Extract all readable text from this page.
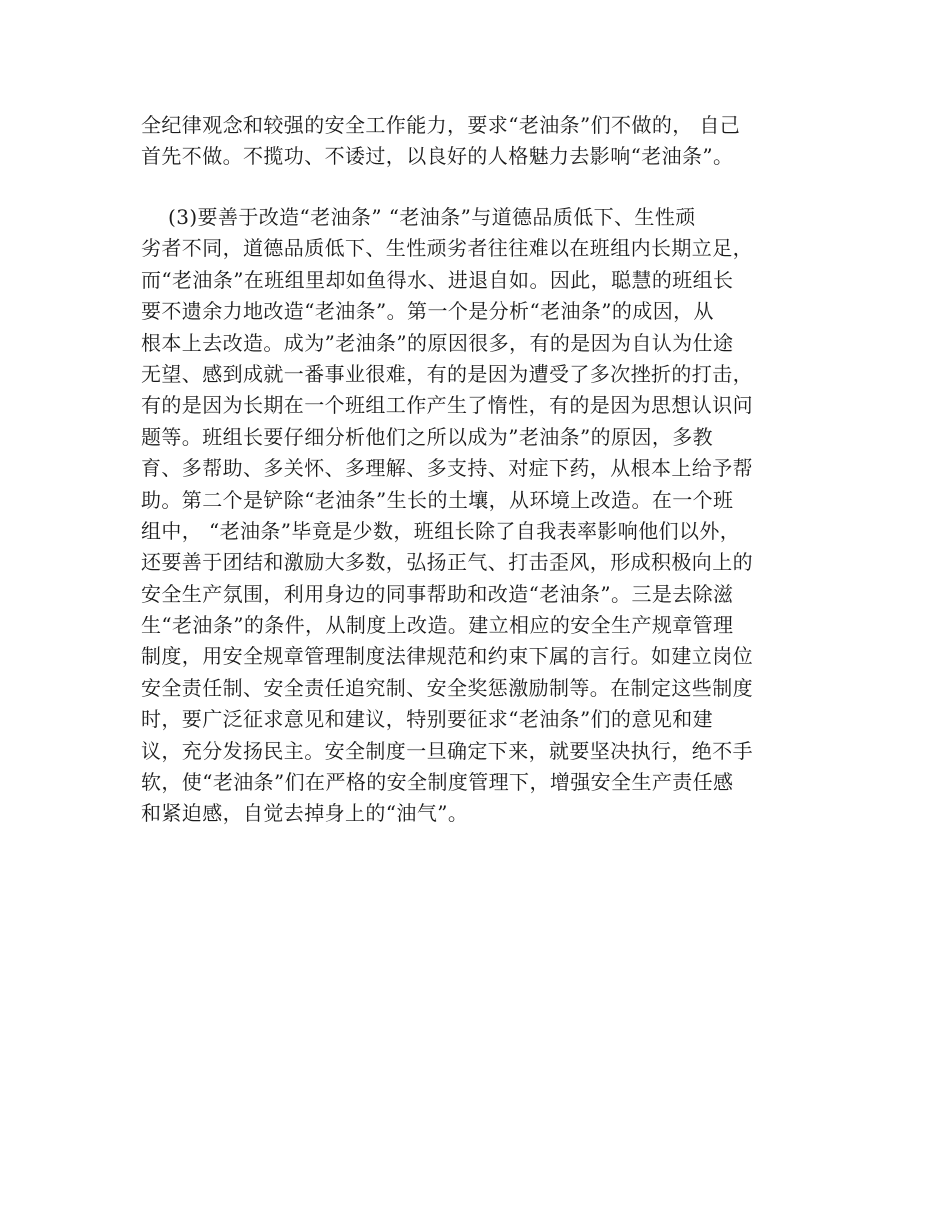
全纪律观念和较强的安全工作能力，要求“老油条”们不做的， 自己
首先不做。不揽功、不诿过，以良好的人格魅力去影响“老油条”。
(3)要善于改造“老油条” “老油条”与道德品质低下、生性顽
劣者不同，道德品质低下、生性顽劣者往往难以在班组内长期立足，
而“老油条”在班组里却如鱼得水、进退自如。因此，聪慧的班组长
要不遗余力地改造“老油条”。第一个是分析“老油条”的成因，从
根本上去改造。成为”老油条”的原因很多，有的是因为自认为仕途
无望、感到成就一番事业很难，有的是因为遭受了多次挫折的打击，
有的是因为长期在一个班组工作产生了惰性，有的是因为思想认识问
题等。班组长要仔细分析他们之所以成为”老油条”的原因，多教
育、多帮助、多关怀、多理解、多支持、对症下药，从根本上给予帮
助。第二个是铲除“老油条”生长的土壤，从环境上改造。在一个班
组中， “老油条”毕竟是少数，班组长除了自我表率影响他们以外，
还要善于团结和激励大多数，弘扬正气、打击歪风，形成积极向上的
安全生产氛围，利用身边的同事帮助和改造“老油条”。三是去除滋
生“老油条”的条件，从制度上改造。建立相应的安全生产规章管理
制度，用安全规章管理制度法律规范和约束下属的言行。如建立岗位
安全责任制、安全责任追究制、安全奖惩激励制等。在制定这些制度
时，要广泛征求意见和建议，特别要征求“老油条”们的意见和建
议，充分发扬民主。安全制度一旦确定下来，就要坚决执行，绝不手
软，使“老油条”们在严格的安全制度管理下，增强安全生产责任感
和紧迫感，自觉去掉身上的“油气”。
